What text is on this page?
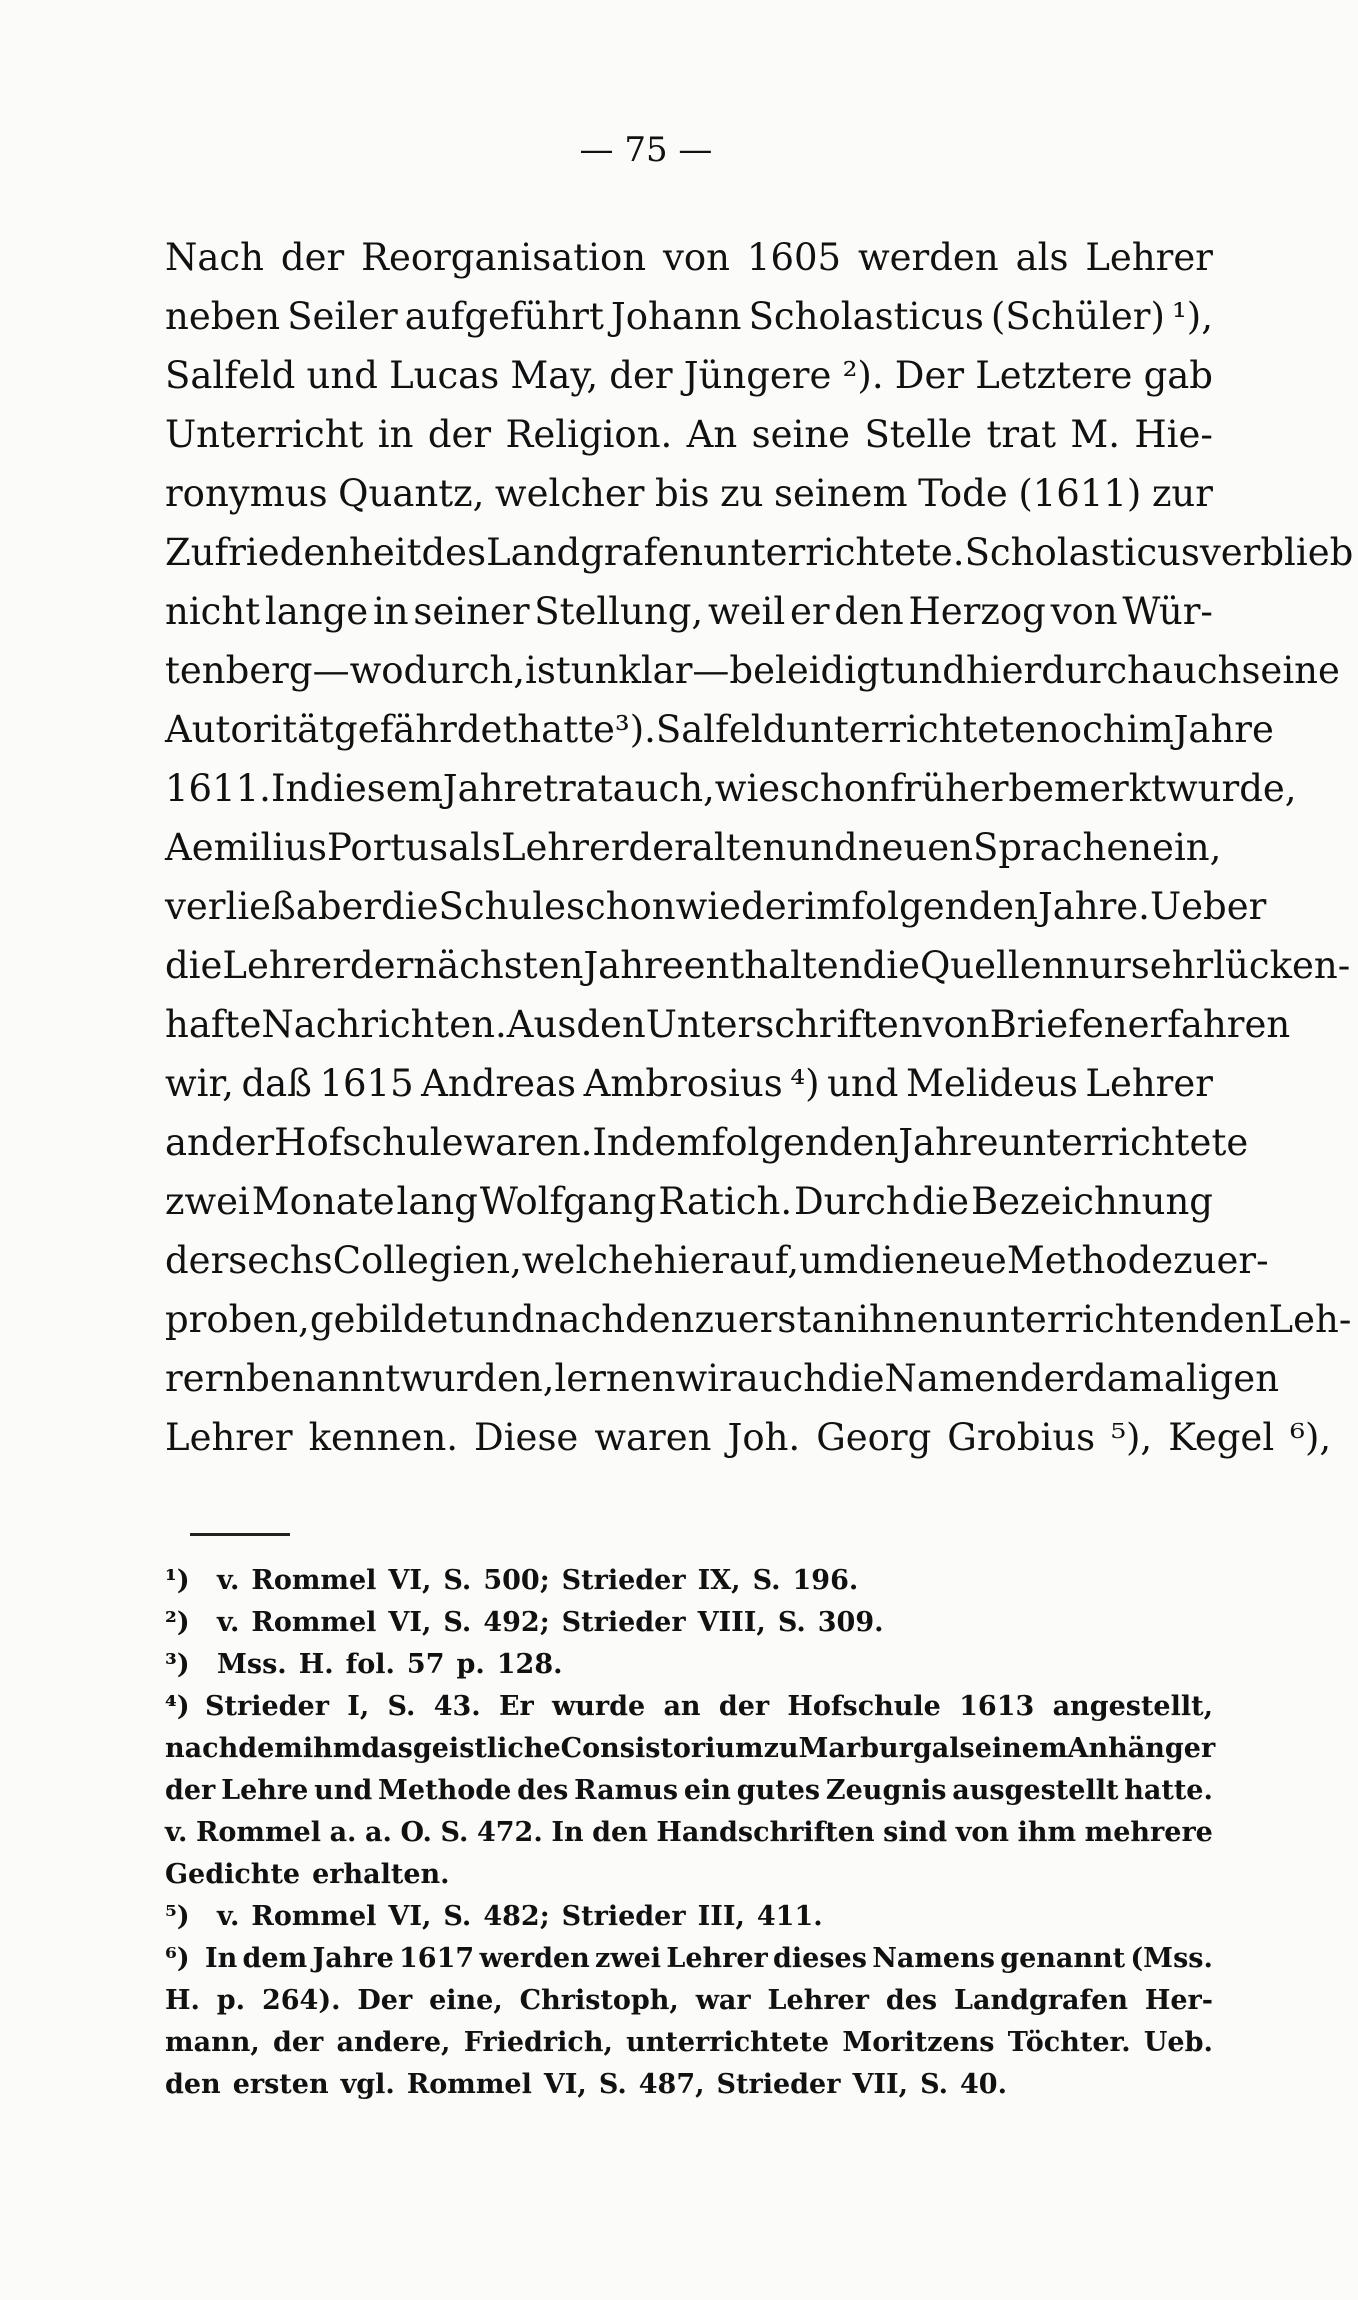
— 75 —
Nach der Reorganisation von 1605 werden als Lehrer
neben Seiler aufgeführt Johann Scholasticus (Schüler) ¹),
Salfeld und Lucas May, der Jüngere ²). Der Letztere gab
Unterricht in der Religion. An seine Stelle trat M. Hie-
ronymus Quantz, welcher bis zu seinem Tode (1611) zur
Zufriedenheit des Landgrafen unterrichtete. Scholasticus verblieb
nicht lange in seiner Stellung, weil er den Herzog von Wür-
tenberg — wodurch, ist unklar — beleidigt und hierdurch auch seine
Autorität gefährdet hatte ³). Salfeld unterrichtete noch im Jahre
1611. In diesem Jahre trat auch, wie schon früher bemerkt wurde,
Aemilius Portus als Lehrer der alten und neuen Sprachen ein,
verließ aber die Schule schon wieder im folgenden Jahre. Ueber
die Lehrer der nächsten Jahre enthalten die Quellen nur sehr lücken-
hafte Nachrichten. Aus den Unterschriften von Briefen erfahren
wir, daß 1615 Andreas Ambrosius ⁴) und Melideus Lehrer
an der Hofschule waren. In dem folgenden Jahre unterrichtete
zwei Monate lang Wolfgang Ratich. Durch die Bezeichnung
der sechs Collegien, welche hierauf, um die neue Methode zu er-
proben, gebildet und nach den zuerst an ihnen unterrichtenden Leh-
rern benannt wurden, lernen wir auch die Namen der damaligen
Lehrer kennen. Diese waren Joh. Georg Grobius ⁵), Kegel ⁶),
¹)	v. Rommel VI, S. 500; Strieder IX, S. 196.
²)	v. Rommel VI, S. 492; Strieder VIII, S. 309.
³)	Mss. H. fol. 57 p. 128.
⁴) Strieder I, S. 43. Er wurde an der Hofschule 1613 angestellt,
nachdem ihm das geistliche Consistorium zu Marburg als einem Anhänger
der Lehre und Methode des Ramus ein gutes Zeugnis ausgestellt hatte.
v. Rommel a. a. O. S. 472. In den Handschriften sind von ihm mehrere
Gedichte erhalten.
⁵)	v. Rommel VI, S. 482; Strieder III, 411.
⁶) In dem Jahre 1617 werden zwei Lehrer dieses Namens genannt (Mss.
H. p. 264). Der eine, Christoph, war Lehrer des Landgrafen Her-
mann, der andere, Friedrich, unterrichtete Moritzens Töchter. Ueb.
den ersten vgl. Rommel VI, S. 487, Strieder VII, S. 40.
